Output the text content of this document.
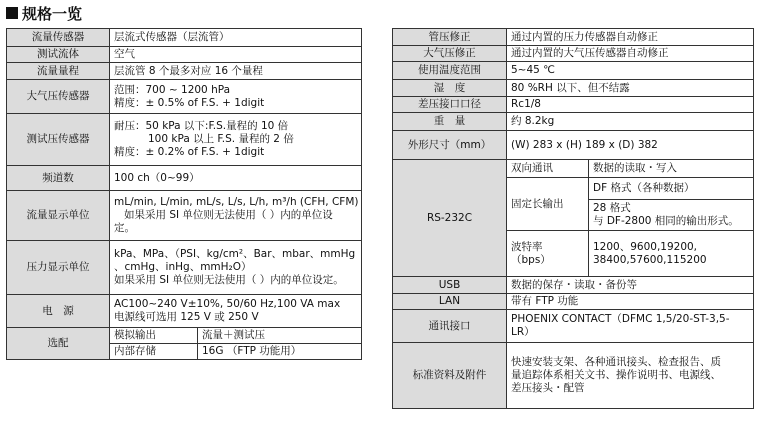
规格一览
流量传感器	层流式传感器（层流管）	
测试流体	空气	
流量量程	层流管 8 个最多对应 16 个量程	
大气压传感器	范围：700 ~ 1200 hPa
精度：± 0.5% of F.S. + 1digit	

测试压传感器	耐压：50 kPa 以下:F.S.量程的 10 倍
100 kPa 以上 F.S. 量程的 2 倍
精度：± 0.2% of F.S. + 1digit	

频道数	100 ch（0~99）	
流量显示单位	mL/min, L/min, mL/s, L/s, L/h, m³/h (CFH, CFM)
如果采用 SI 单位则无法使用（ ）内的单位设
定。	

压力显示单位	kPa、MPa、（PSI、kg/cm²、Bar、mbar、mmHg
、cmHg、inHg、mmH₂O）
如果采用 SI 单位则无法使用（ ）内的单位设定。	

电　源	AC100~240 V±10%, 50/60 Hz,100 VA max
电源线可选用 125 V 或 250 V	

选配	模拟输出	流量＋测试压
	内部存储	16G （FTP 功能用）
管压修正	通过内置的压力传感器自动修正	
大气压修正	通过内置的大气压传感器自动修正	
使用温度范围	5~45 ℃	
湿　度	80 %RH 以下、但不结露	
差压接口口径	Rc1/8	
重　量	约 8.2kg	
外形尺寸（mm）	(W) 283 x (H) 189 x (D) 382	
RS-232C	双向通讯	数据的读取・写入
	固定长输出	DF 格式（各种数据）

		28 格式
与 DF-2800 相同的输出形式。

	波特率
（bps）	1200、9600,19200,
38400,57600,115200

USB	数据的保存・读取・备份等	
LAN	带有 FTP 功能	
通讯接口	PHOENIX CONTACT（DFMC 1,5/20-ST-3,5-
LR）	

标准资料及附件	快速安装支架、各种通讯接头、检查报告、质
量追踪体系相关文书、操作说明书、电源线、
差压接头・配管	
